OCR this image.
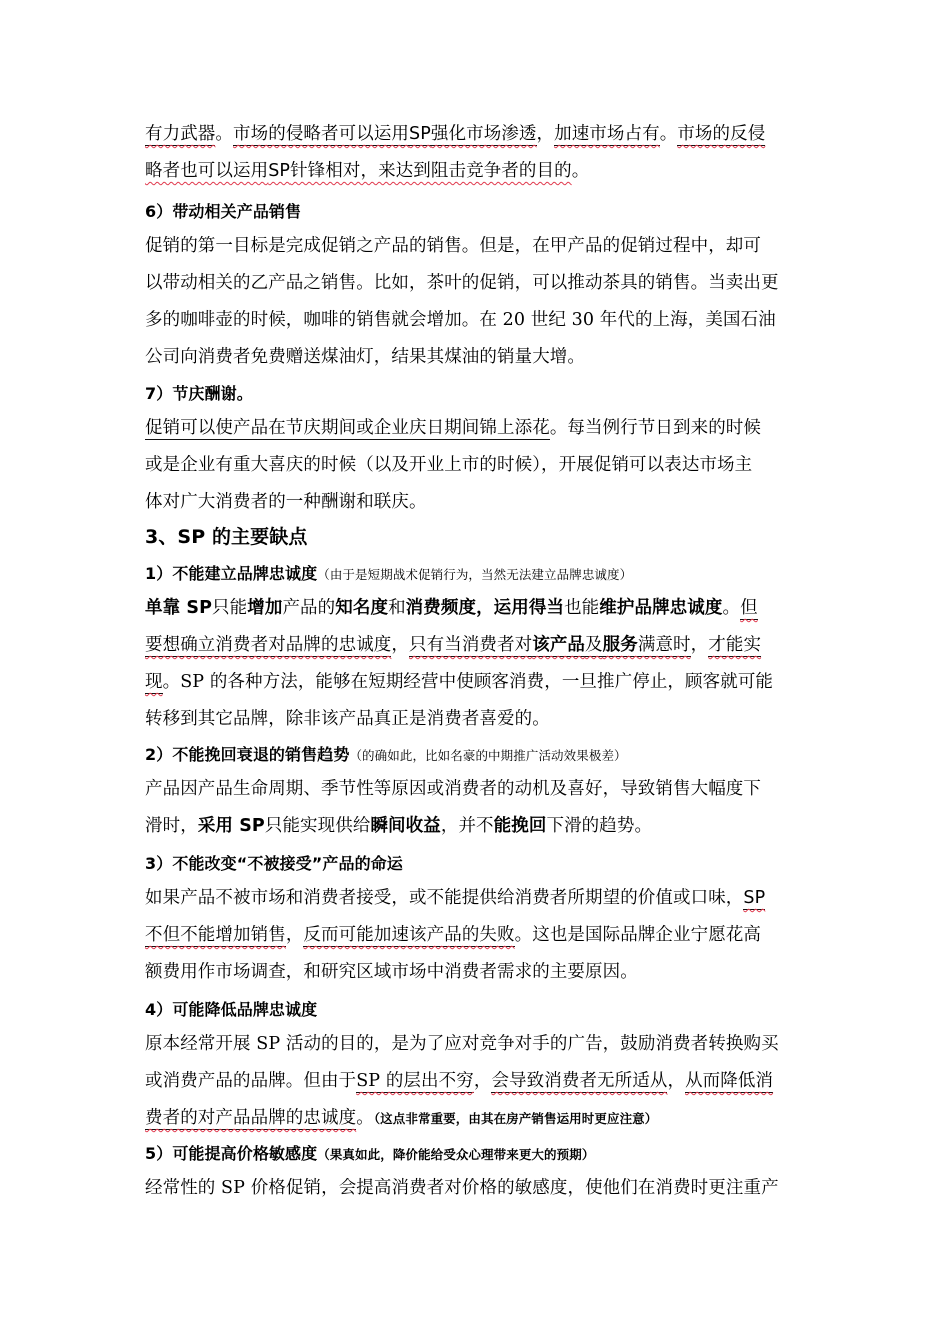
有力武器。市场的侵略者可以运用SP强化市场渗透，加速市场占有。市场的反侵
略者也可以运用SP针锋相对，来达到阻击竞争者的目的。
6）带动相关产品销售
促销的第一目标是完成促销之产品的销售。但是，在甲产品的促销过程中，却可
以带动相关的乙产品之销售。比如，茶叶的促销，可以推动茶具的销售。当卖出更
多的咖啡壶的时候，咖啡的销售就会增加。在 20 世纪 30 年代的上海，美国石油
公司向消费者免费赠送煤油灯，结果其煤油的销量大增。
7）节庆酬谢。
促销可以使产品在节庆期间或企业庆日期间锦上添花。每当例行节日到来的时候
或是企业有重大喜庆的时候（以及开业上市的时候），开展促销可以表达市场主
体对广大消费者的一种酬谢和联庆。
3、SP 的主要缺点
1）不能建立品牌忠诚度（由于是短期战术促销行为，当然无法建立品牌忠诚度）
单靠 SP只能增加产品的知名度和消费频度，运用得当也能维护品牌忠诚度。但
要想确立消费者对品牌的忠诚度，只有当消费者对该产品及服务满意时，才能实
现。SP 的各种方法，能够在短期经营中使顾客消费，一旦推广停止，顾客就可能
转移到其它品牌，除非该产品真正是消费者喜爱的。
2）不能挽回衰退的销售趋势（的确如此，比如名豪的中期推广活动效果极差）
产品因产品生命周期、季节性等原因或消费者的动机及喜好，导致销售大幅度下
滑时，采用 SP只能实现供给瞬间收益，并不能挽回下滑的趋势。
3）不能改变“不被接受”产品的命运
如果产品不被市场和消费者接受，或不能提供给消费者所期望的价值或口味，SP
不但不能增加销售，反而可能加速该产品的失败。这也是国际品牌企业宁愿花高
额费用作市场调查，和研究区域市场中消费者需求的主要原因。
4）可能降低品牌忠诚度
原本经常开展 SP 活动的目的，是为了应对竞争对手的广告，鼓励消费者转换购买
或消费产品的品牌。但由于SP 的层出不穷，会导致消费者无所适从，从而降低消
费者的对产品品牌的忠诚度。（这点非常重要，由其在房产销售运用时更应注意）
5）可能提高价格敏感度（果真如此，降价能给受众心理带来更大的预期）
经常性的 SP 价格促销，会提高消费者对价格的敏感度，使他们在消费时更注重产
